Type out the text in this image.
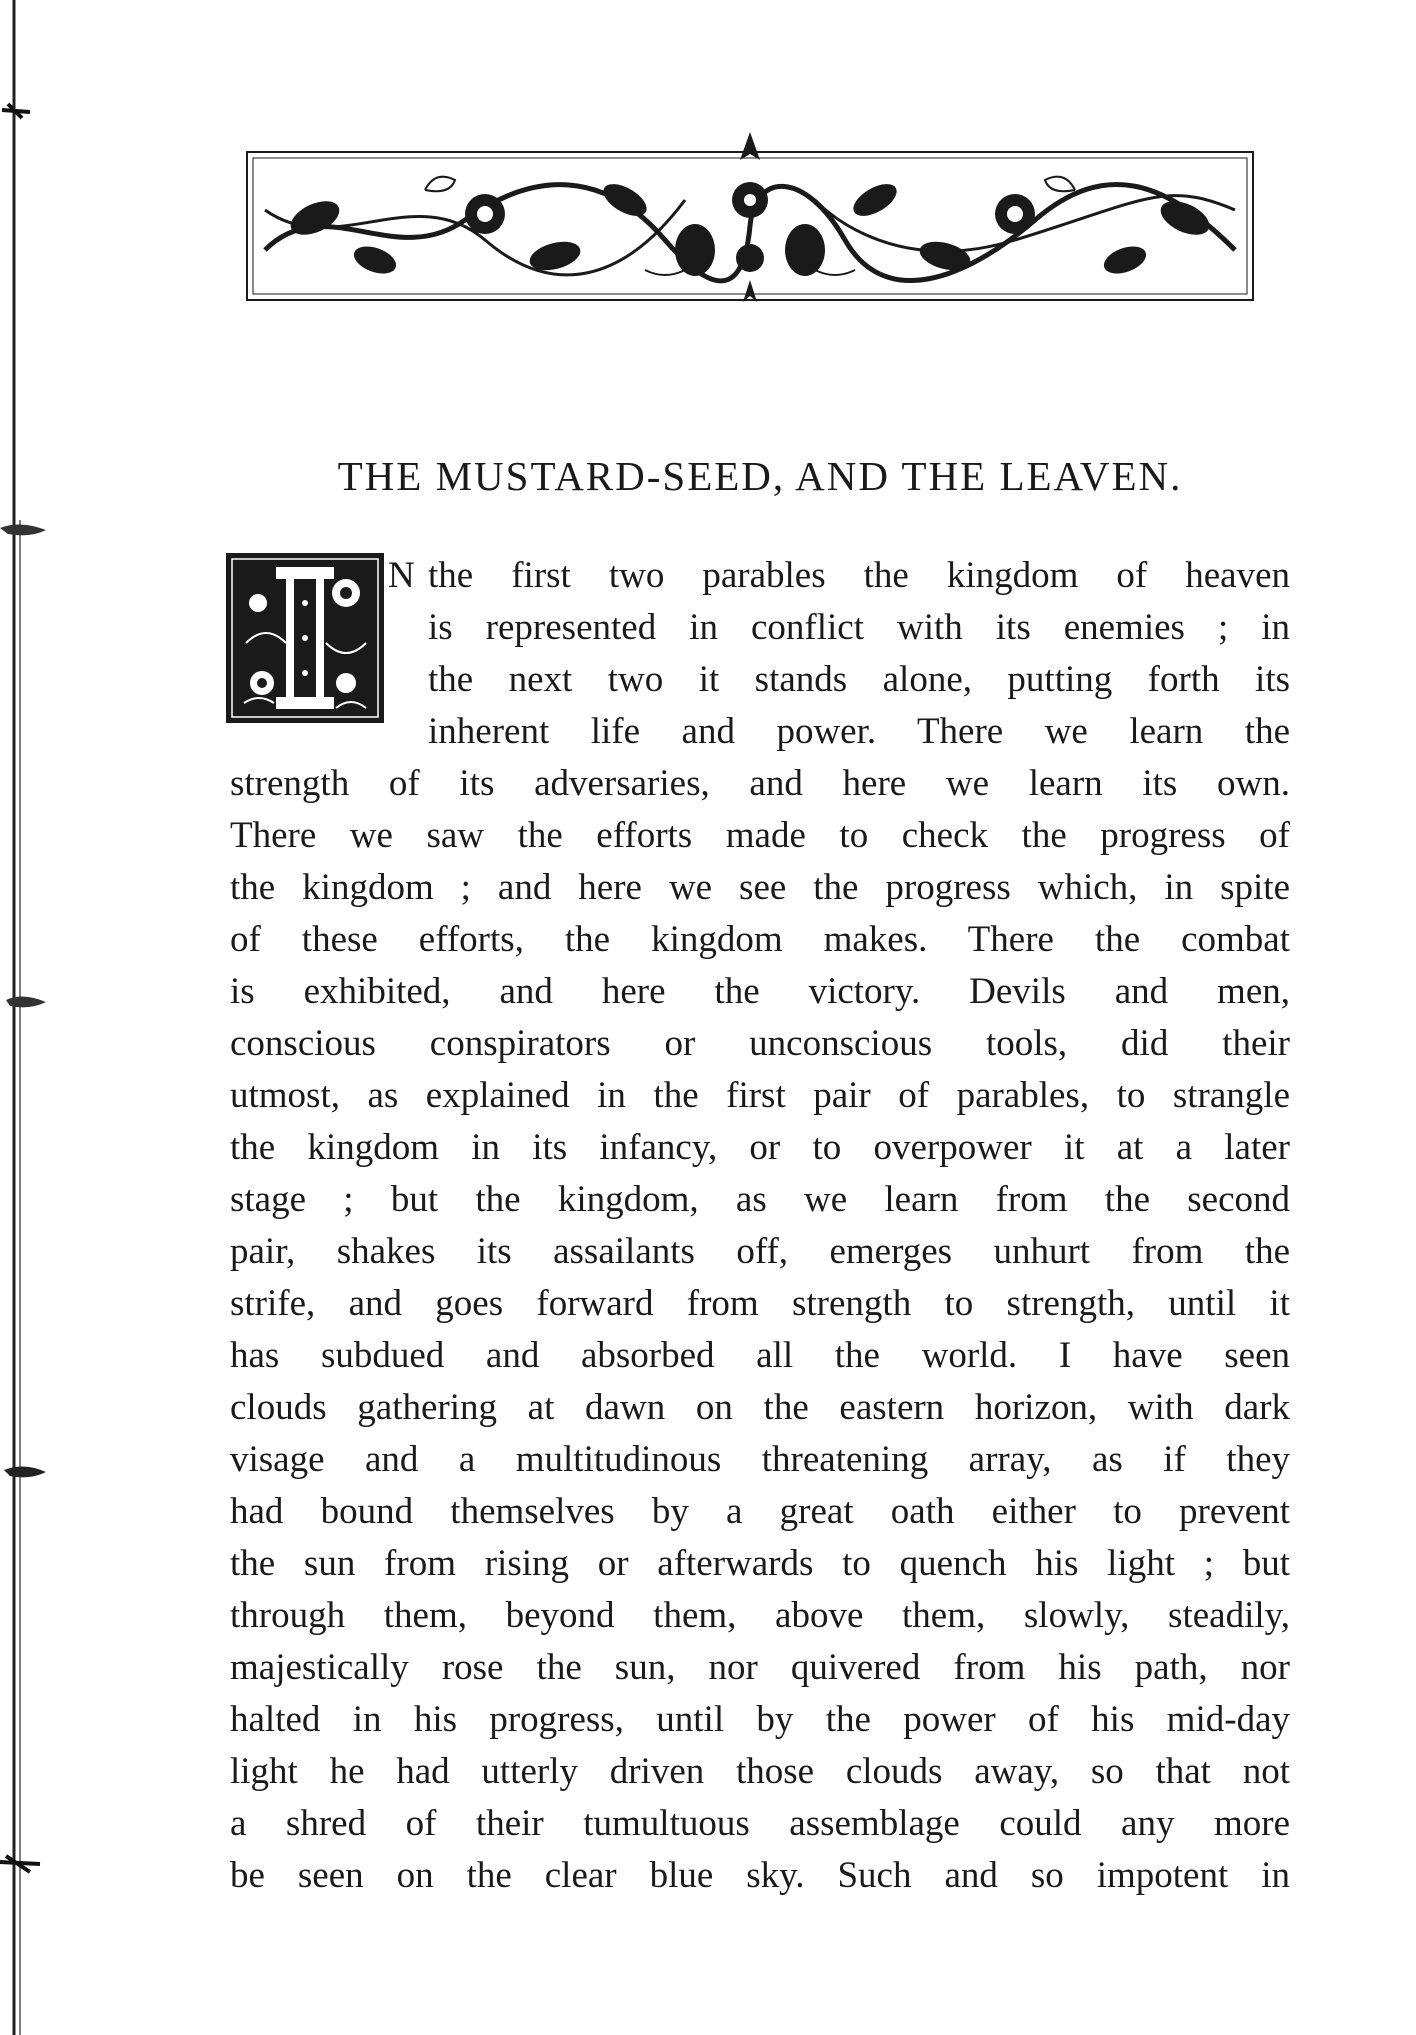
THE MUSTARD-SEED, AND THE LEAVEN.
N the first two parables the kingdom of heaven
is represented in conflict with its enemies ; in
the next two it stands alone, putting forth its
inherent life and power. There we learn the
strength of its adversaries, and here we learn its own.
There we saw the efforts made to check the progress of
the kingdom ; and here we see the progress which, in spite
of these efforts, the kingdom makes. There the combat
is exhibited, and here the victory. Devils and men,
conscious conspirators or unconscious tools, did their
utmost, as explained in the first pair of parables, to strangle
the kingdom in its infancy, or to overpower it at a later
stage ; but the kingdom, as we learn from the second
pair, shakes its assailants off, emerges unhurt from the
strife, and goes forward from strength to strength, until it
has subdued and absorbed all the world. I have seen
clouds gathering at dawn on the eastern horizon, with dark
visage and a multitudinous threatening array, as if they
had bound themselves by a great oath either to prevent
the sun from rising or afterwards to quench his light ; but
through them, beyond them, above them, slowly, steadily,
majestically rose the sun, nor quivered from his path, nor
halted in his progress, until by the power of his mid-day
light he had utterly driven those clouds away, so that not
a shred of their tumultuous assemblage could any more
be seen on the clear blue sky. Such and so impotent in
